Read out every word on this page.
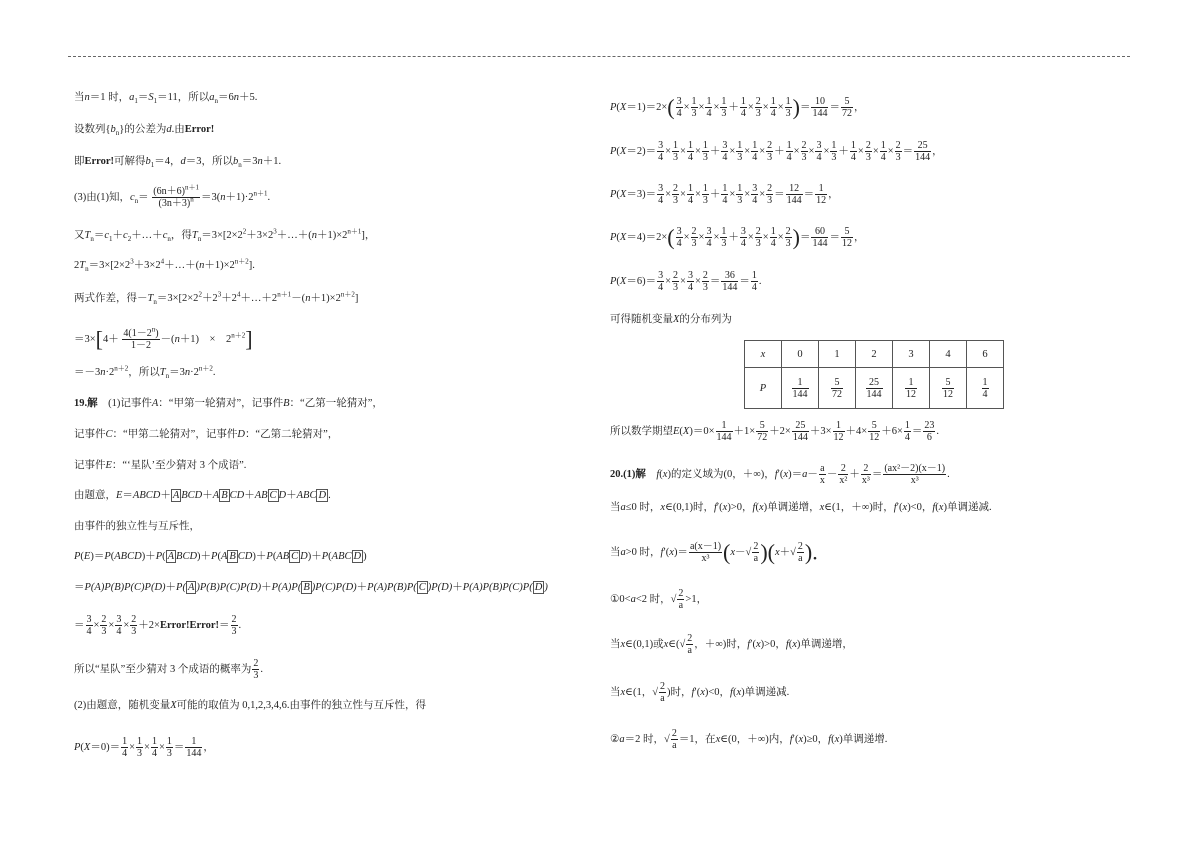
当n＝1 时，$a_1=S_1=11$，所以$a_n=6n+5$.
设数列$\{b_n\}$的公差为d.由Error!
即Error!可解得$b_1=4$，d＝3，所以$b_n=3n+1$.
(3)由(1)知，$c_n= \frac{(6n+6)^{n+1}}{(3n+3)^n} =3(n+1)\cdot 2^{n+1}$.
又$T_n=c_1+c_2+\dots+c_n$，得$T_n=3\times[2\times 2^2+3\times 2^3+\dots+(n+1)\times 2^{n+1}]$，
$2T_n=3\times[2\times 2^3+3\times 2^4+\dots+(n+1)\times 2^{n+2}]$.
两式作差，得$-T_n=3\times[2\times 2^2+2^3+2^4+\dots+2^{n+1}-(n+1)\times 2^{n+2}]$
$=3\times[4+ \frac{4(1-2^n)}{1-2} -(n+1)$　×　$2^{n+2}$]
$=-3n\cdot 2^{n+2}$，所以$T_n=3n\cdot 2^{n+2}$.
19.解　(1)记事件A：“甲第一轮猜对”，记事件B：“乙第一轮猜对”，
记事件C：“甲第二轮猜对”，记事件D：“乙第二轮猜对”，
记事件E：“‘星队’至少猜对 3 个成语”.
由题意，E＝ABCD＋ A BCD＋A B CD＋AB C D＋ABC D .
由事件的独立性与互斥性，
P(E)＝P(ABCD)＋P( A BCD)＋P(A B CD)＋P(AB C D)＋P(ABC D )
＝P(A)P(B)P(C)P(D)＋P( A )P(B)P(C)P(D)＋P(A)P( B )P(C)P(D)＋P(A)P(B)P( C )P(D)＋P(A)P(B)P(C)P( D )
＝ $\frac{3}{4} \times \frac{2}{3} \times \frac{3}{4} \times \frac{2}{3}$ ＋2×Error!Error!＝ $\frac{2}{3}$ .
所以“星队”至少猜对 3 个成语的概率为 $\frac{2}{3}$ .
(2)由题意，随机变量X可能的取值为 0,1,2,3,4,6.由事件的独立性与互斥性，得
$P(X=0)= \frac{1}{4} \times \frac{1}{3} \times \frac{1}{4} \times \frac{1}{3} = \frac{1}{144}$ ，
$P(X=1)=2\times( \frac{3}{4} \times \frac{1}{3} \times \frac{1}{4} \times \frac{1}{3} + \frac{1}{4} \times \frac{2}{3} \times \frac{1}{4} \times \frac{1}{3}$ )＝ $\frac{10}{144} = \frac{5}{72}$ ，
$P(X=2)= \frac{3}{4} \times \frac{1}{3} \times \frac{1}{4} \times \frac{1}{3} + \frac{3}{4} \times \frac{1}{3} \times \frac{1}{4} \times \frac{2}{3} + \frac{1}{4} \times \frac{2}{3} \times \frac{3}{4} \times \frac{1}{3} + \frac{1}{4} \times \frac{2}{3} \times \frac{1}{4} \times \frac{2}{3} = \frac{25}{144}$ ，
$P(X=3)= \frac{3}{4} \times \frac{2}{3} \times \frac{1}{4} \times \frac{1}{3} + \frac{1}{4} \times \frac{1}{3} \times \frac{3}{4} \times \frac{2}{3} = \frac{12}{144} = \frac{1}{12}$ ，
$P(X=4)=2\times( \frac{3}{4} \times \frac{2}{3} \times \frac{3}{4} \times \frac{1}{3} + \frac{3}{4} \times \frac{2}{3} \times \frac{1}{4} \times \frac{2}{3}$ )＝ $\frac{60}{144} = \frac{5}{12}$ ，
$P(X=6)= \frac{3}{4} \times \frac{2}{3} \times \frac{3}{4} \times \frac{2}{3} = \frac{36}{144} = \frac{1}{4}$ .
可得随机变量X的分布列为
x	0	1	2	3	4	6
P	$\frac{1}{144}$	$\frac{5}{72}$	$\frac{25}{144}$	$\frac{1}{12}$	$\frac{5}{12}$	$\frac{1}{4}$
所以数学期望$E(X)=0\times \frac{1}{144} +1\times \frac{5}{72} +2\times \frac{25}{144} +3\times \frac{1}{12} +4\times \frac{5}{12} +6\times \frac{1}{4} = \frac{23}{6}$ .
20.(1)解　 f(x)的定义域为(0，＋∞)，$f'(x)=a- \frac{a}{x} - \frac{2}{\text{x²}} + \frac{2}{\text{x³}} = \frac{\text{(ax²－2)(x－1)}}{\text{x³}}$ .
当a≤0 时，x∈(0,1)时，f′(x)>0，f(x)单调递增，x∈(1，＋∞)时，f′(x)<0，f(x)单调递减.
当a>0 时，$f'(x)= \frac{a(x-1)}{\text{x³}} (x-√ \frac{2}{a} )(x+√ \frac{2}{a}$ ).
①0<a<2 时，√ $\frac{2}{a} >1$，
当x∈(0,1)或x∈(√ $\frac{2}{a}$ ，＋∞)时，f′(x)>0，f(x)单调递增，
当x∈(1，√ $\frac{2}{a}$ )时，f′(x)<0，f(x)单调递减.
②a＝2 时，√ $\frac{2}{a} =1$，在x∈(0，＋∞)内，f′(x)≥0，f(x)单调递增.
